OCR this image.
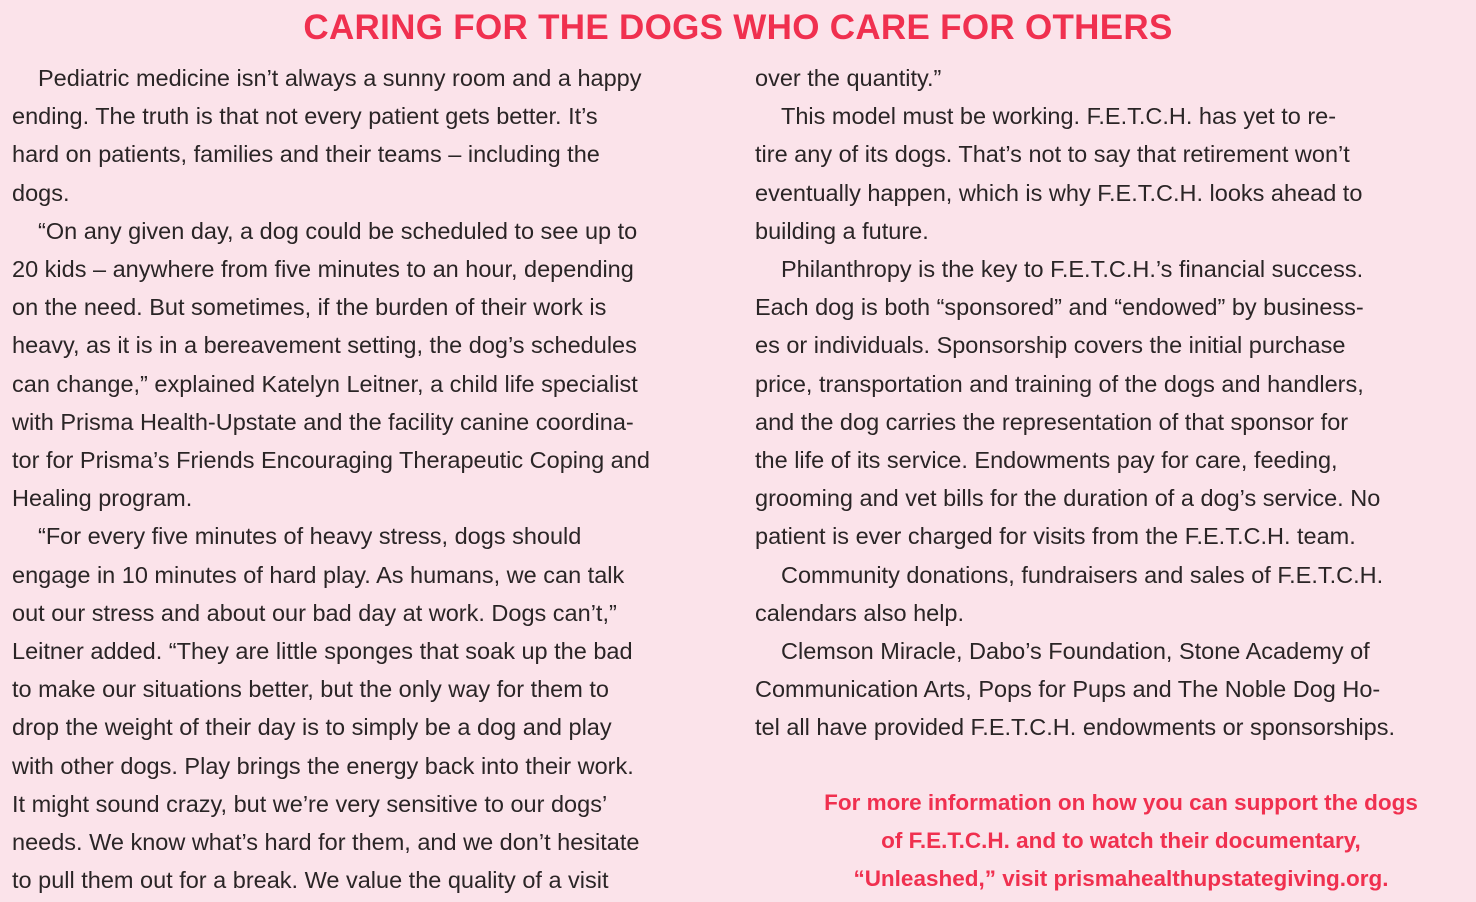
CARING FOR THE DOGS WHO CARE FOR OTHERS

Pediatric medicine isn’t always a sunny room and a happy

ending. The truth is that not every patient gets better. It’s

hard on patients, families and their teams – including the

dogs.

“On any given day, a dog could be scheduled to see up to

20 kids – anywhere from five minutes to an hour, depending

on the need. But sometimes, if the burden of their work is

heavy, as it is in a bereavement setting, the dog’s schedules

can change,” explained Katelyn Leitner, a child life specialist

with Prisma Health-Upstate and the facility canine coordina-

tor for Prisma’s Friends Encouraging Therapeutic Coping and

Healing program.

“For every five minutes of heavy stress, dogs should

engage in 10 minutes of hard play. As humans, we can talk

out our stress and about our bad day at work. Dogs can’t,”

Leitner added. “They are little sponges that soak up the bad

to make our situations better, but the only way for them to

drop the weight of their day is to simply be a dog and play

with other dogs. Play brings the energy back into their work.

It might sound crazy, but we’re very sensitive to our dogs’

needs. We know what’s hard for them, and we don’t hesitate

to pull them out for a break. We value the quality of a visit

over the quantity.”

This model must be working. F.E.T.C.H. has yet to re-

tire any of its dogs. That’s not to say that retirement won’t

eventually happen, which is why F.E.T.C.H. looks ahead to

building a future.

Philanthropy is the key to F.E.T.C.H.’s financial success.

Each dog is both “sponsored” and “endowed” by business-

es or individuals. Sponsorship covers the initial purchase

price, transportation and training of the dogs and handlers,

and the dog carries the representation of that sponsor for

the life of its service. Endowments pay for care, feeding,

grooming and vet bills for the duration of a dog’s service. No

patient is ever charged for visits from the F.E.T.C.H. team.

Community donations, fundraisers and sales of F.E.T.C.H.

calendars also help.

Clemson Miracle, Dabo’s Foundation, Stone Academy of

Communication Arts, Pops for Pups and The Noble Dog Ho-

tel all have provided F.E.T.C.H. endowments or sponsorships.

For more information on how you can support the dogs
of F.E.T.C.H. and to watch their documentary,
“Unleashed,” visit prismahealthupstategiving.org.
